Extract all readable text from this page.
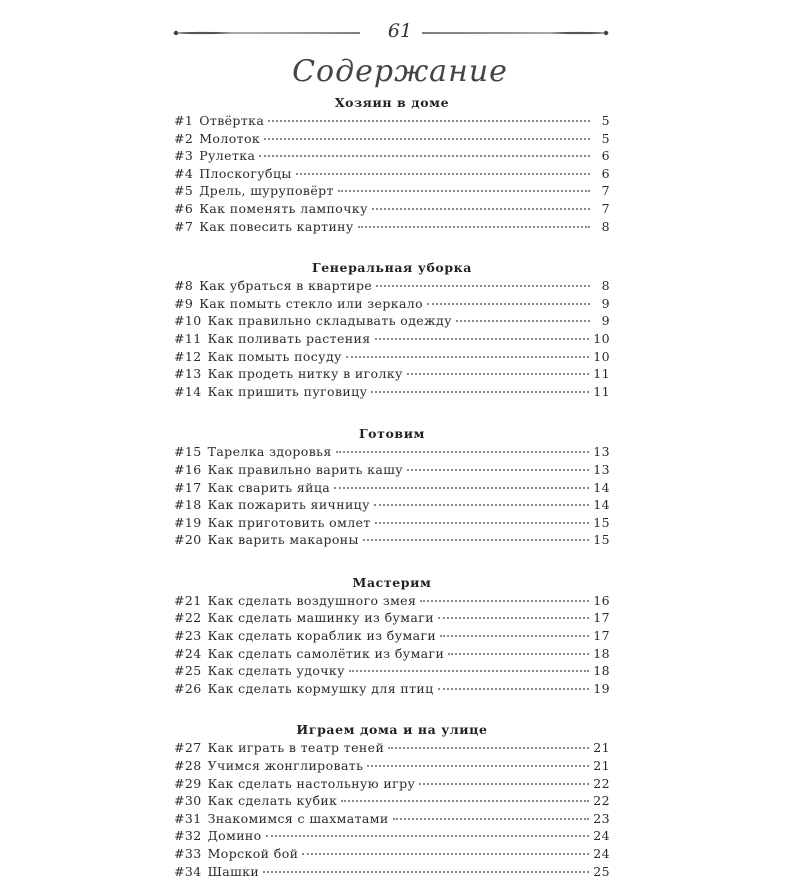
61
Содержание
Хозяин в доме
#1 Отвёртка	5
#2 Молоток	5
#3 Рулетка	6
#4 Плоскогубцы	6
#5 Дрель, шуруповёрт	7
#6 Как поменять лампочку	7
#7 Как повесить картину	8
Генеральная уборка
#8 Как убраться в квартире	8
#9 Как помыть стекло или зеркало	9
#10 Как правильно складывать одежду	9
#11 Как поливать растения	10
#12 Как помыть посуду	10
#13 Как продеть нитку в иголку	11
#14 Как пришить пуговицу	11
Готовим
#15 Тарелка здоровья	13
#16 Как правильно варить кашу	13
#17 Как сварить яйца	14
#18 Как пожарить яичницу	14
#19 Как приготовить омлет	15
#20 Как варить макароны	15
Мастерим
#21 Как сделать воздушного змея	16
#22 Как сделать машинку из бумаги	17
#23 Как сделать кораблик из бумаги	17
#24 Как сделать самолётик из бумаги	18
#25 Как сделать удочку	18
#26 Как сделать кормушку для птиц	19
Играем дома и на улице
#27 Как играть в театр теней	21
#28 Учимся жонглировать	21
#29 Как сделать настольную игру	22
#30 Как сделать кубик	22
#31 Знакомимся с шахматами	23
#32 Домино	24
#33 Морской бой	24
#34 Шашки	25
